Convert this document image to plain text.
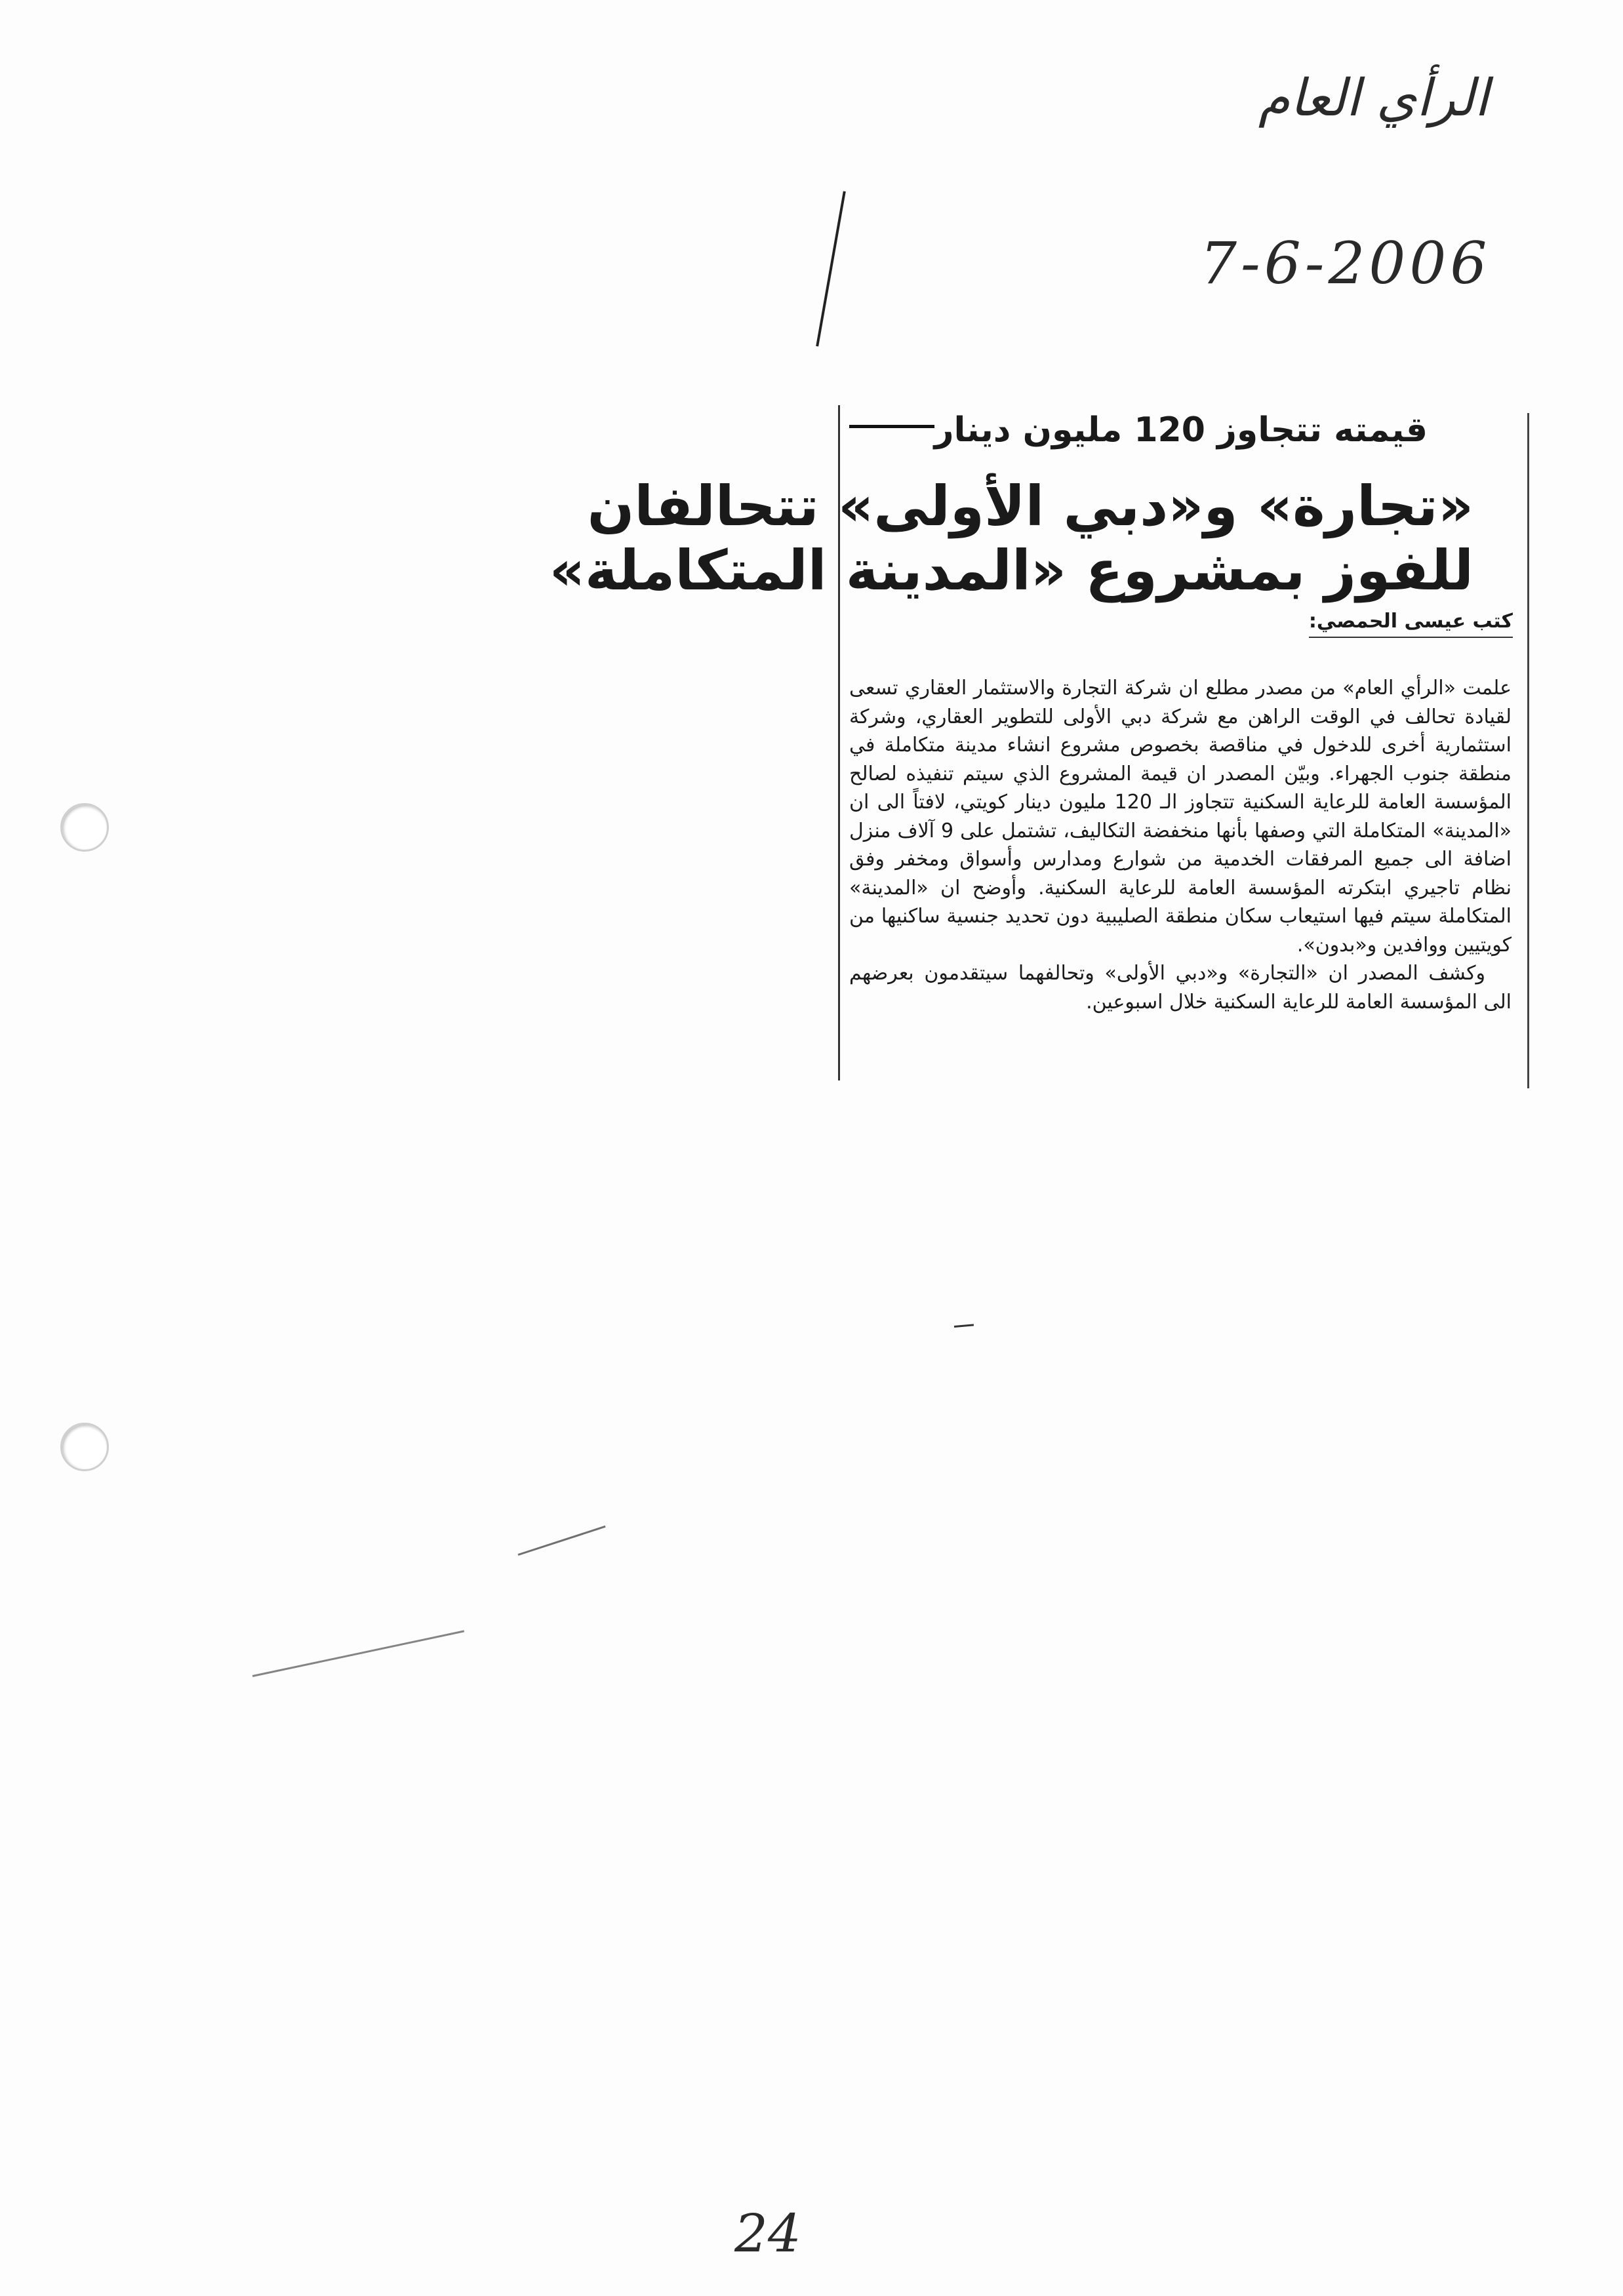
الرأي العام
7-6-2006
24
قيمته تتجاوز 120 مليون دينار
«تجارة» و«دبي الأولى» تتحالفان
للفوز بمشروع «المدينة المتكاملة»
كتب عيسى الحمصي:

علمت «الرأي العام» من مصدر مطلع ان شركة التجارة والاستثمار العقاري تسعى لقيادة تحالف في الوقت الراهن مع شركة دبي الأولى للتطوير العقاري، وشركة استثمارية أخرى للدخول في مناقصة بخصوص مشروع انشاء مدينة متكاملة في منطقة جنوب الجهراء. وبيّن المصدر ان قيمة المشروع الذي سيتم تنفيذه لصالح المؤسسة العامة للرعاية السكنية تتجاوز الـ 120 مليون دينار كويتي، لافتاً الى ان «المدينة» المتكاملة التي وصفها بأنها منخفضة التكاليف، تشتمل على 9 آلاف منزل اضافة الى جميع المرفقات الخدمية من شوارع ومدارس وأسواق ومخفر وفق نظام تاجيري ابتكرته المؤسسة العامة للرعاية السكنية. وأوضح ان «المدينة» المتكاملة سيتم فيها استيعاب سكان منطقة الصليبية دون تحديد جنسية ساكنيها من كويتيين ووافدين و«بدون».

وكشف المصدر ان «التجارة» و«دبي الأولى» وتحالفهما سيتقدمون بعرضهم الى المؤسسة العامة للرعاية السكنية خلال اسبوعين.
